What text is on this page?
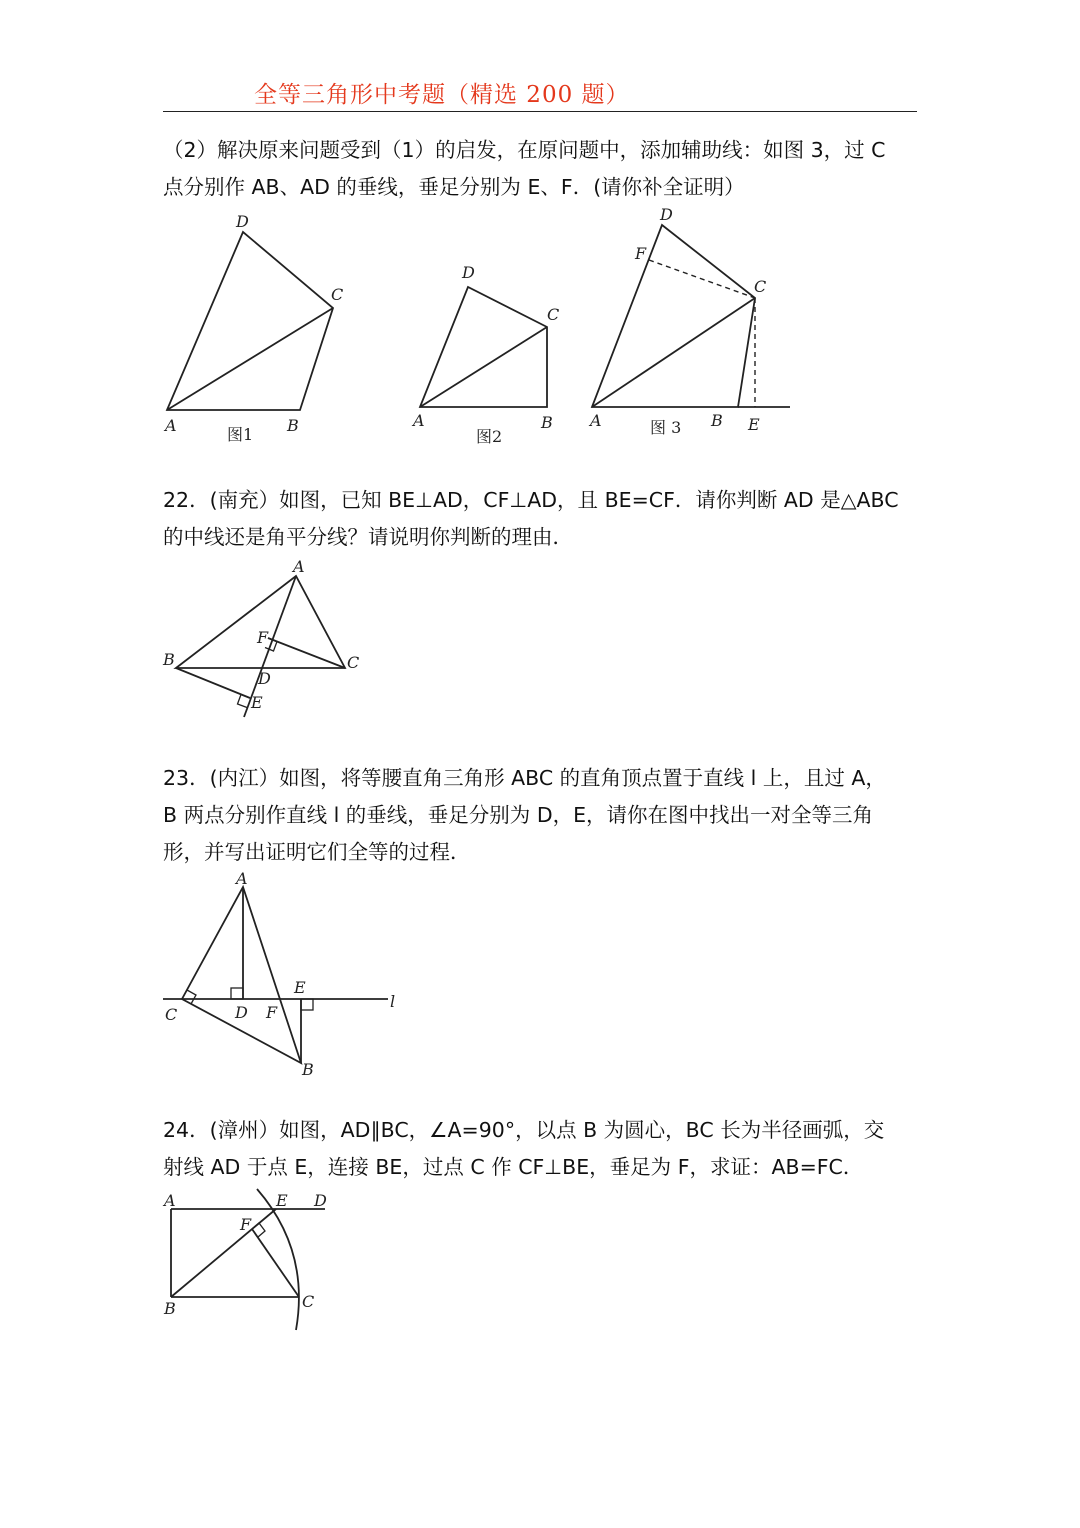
全等三角形中考题（精选 200 题）
（2）解决原来问题受到（1）的启发，在原问题中，添加辅助线：如图 3，过 C
点分别作 AB、AD 的垂线，垂足分别为 E、F．(请你补全证明）
A	B
C
D
图1
A	B
C
D
图2
A	B
C
D
E
F
图 3
22．(南充）如图，已知 BE⊥AD，CF⊥AD，且 BE=CF．请你判断 AD 是△ABC
的中线还是角平分线？请说明你判断的理由．
A
B	C
D
E
F
23．(内江）如图，将等腰直角三角形 ABC 的直角顶点置于直线 l 上，且过 A，
B 两点分别作直线 l 的垂线，垂足分别为 D，E，请你在图中找出一对全等三角
形，并写出证明它们全等的过程．
A
B
C	D
E
F
l
24．(漳州）如图，AD∥BC，∠A=90°，以点 B 为圆心，BC 长为半径画弧，交
射线 AD 于点 E，连接 BE，过点 C 作 CF⊥BE，垂足为 F，求证：AB=FC．
A
B	C
D
E
F
